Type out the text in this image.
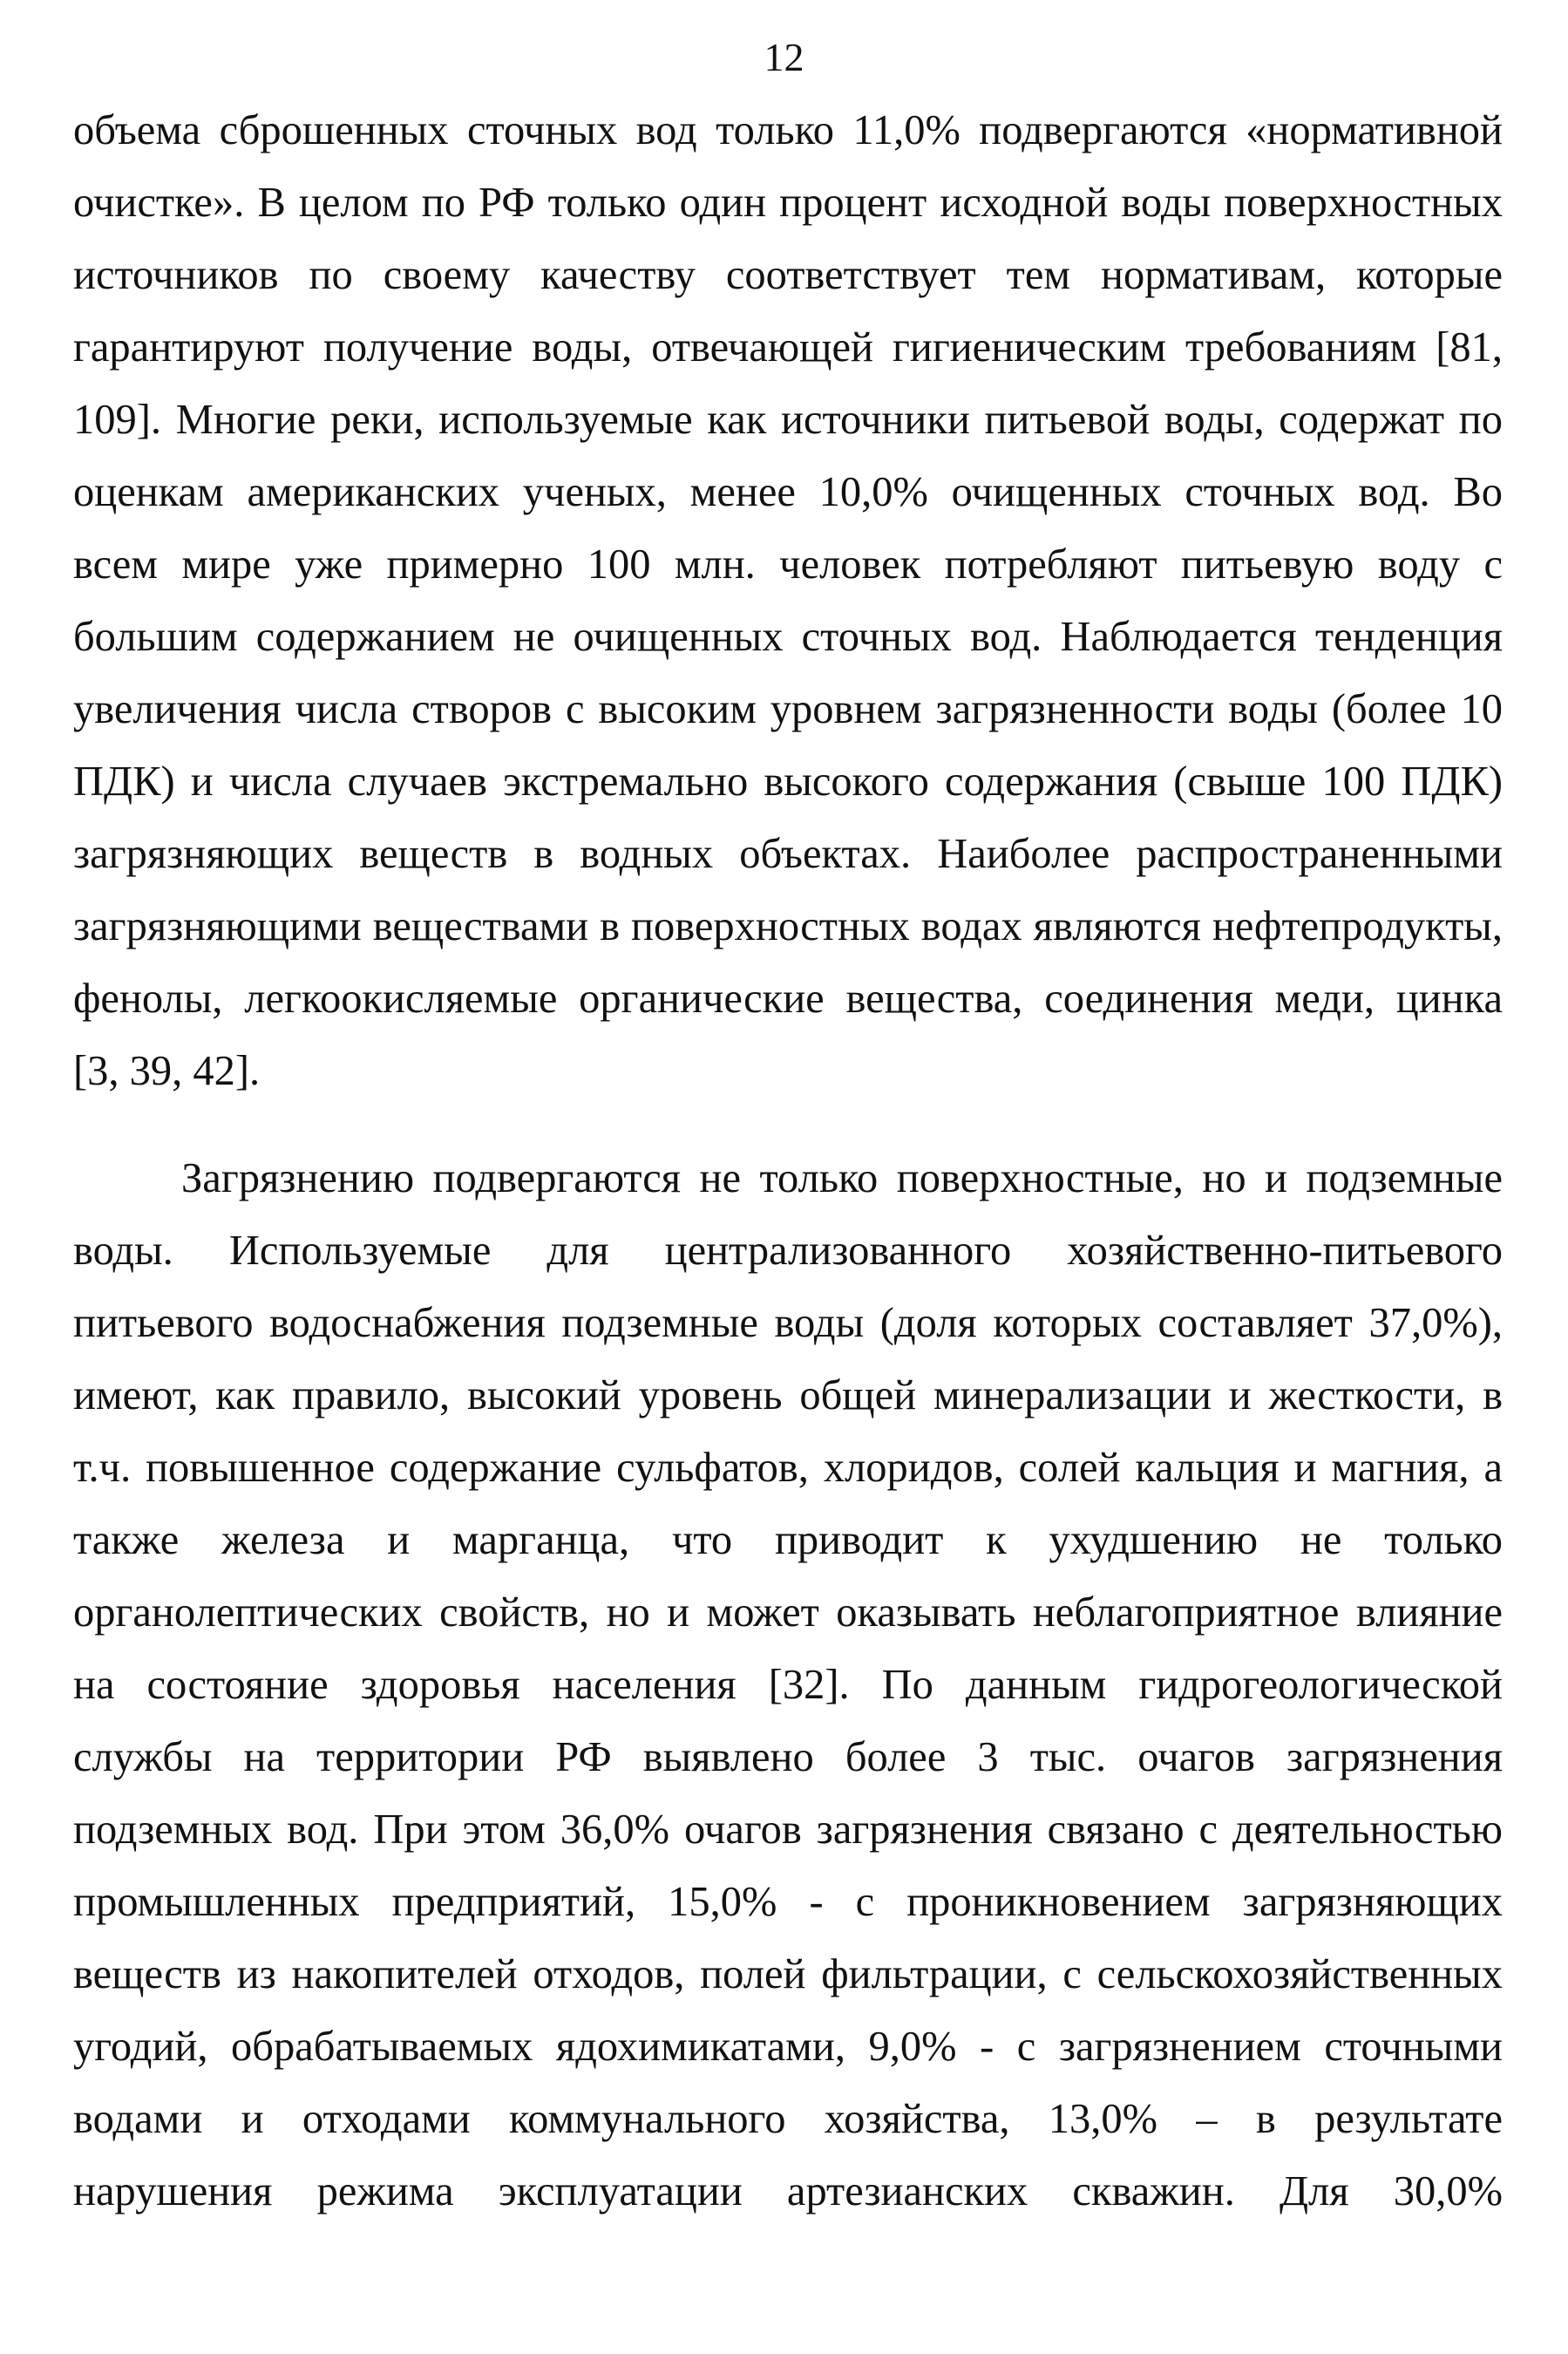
12
объема сброшенных сточных вод только 11,0% подвергаются «нормативной
очистке». В целом по РФ только один процент исходной воды поверхностных
источников по своему качеству соответствует тем нормативам, которые
гарантируют получение воды, отвечающей гигиеническим требованиям [81,
109]. Многие реки, используемые как источники питьевой воды, содержат по
оценкам американских ученых, менее 10,0% очищенных сточных вод. Во
всем мире уже примерно 100 млн. человек потребляют питьевую воду с
большим содержанием не очищенных сточных вод. Наблюдается тенденция
увеличения числа створов с высоким уровнем загрязненности воды (более 10
ПДК) и числа случаев экстремально высокого содержания (свыше 100 ПДК)
загрязняющих веществ в водных объектах. Наиболее распространенными
загрязняющими веществами в поверхностных водах являются нефтепродукты,
фенолы, легкоокисляемые органические вещества, соединения меди, цинка
[3, 39, 42].
Загрязнению подвергаются не только поверхностные, но и подземные
воды. Используемые для централизованного хозяйственно-питьевого
питьевого водоснабжения подземные воды (доля которых составляет 37,0%),
имеют, как правило, высокий уровень общей минерализации и жесткости, в
т.ч. повышенное содержание сульфатов, хлоридов, солей кальция и магния, а
также железа и марганца, что приводит к ухудшению не только
органолептических свойств, но и может оказывать неблагоприятное влияние
на состояние здоровья населения [32]. По данным гидрогеологической
службы на территории РФ выявлено более 3 тыс. очагов загрязнения
подземных вод. При этом 36,0% очагов загрязнения связано с деятельностью
промышленных предприятий, 15,0% - с проникновением загрязняющих
веществ из накопителей отходов, полей фильтрации, с сельскохозяйственных
угодий, обрабатываемых ядохимикатами, 9,0% - с загрязнением сточными
водами и отходами коммунального хозяйства, 13,0% – в результате
нарушения режима эксплуатации артезианских скважин. Для 30,0%
